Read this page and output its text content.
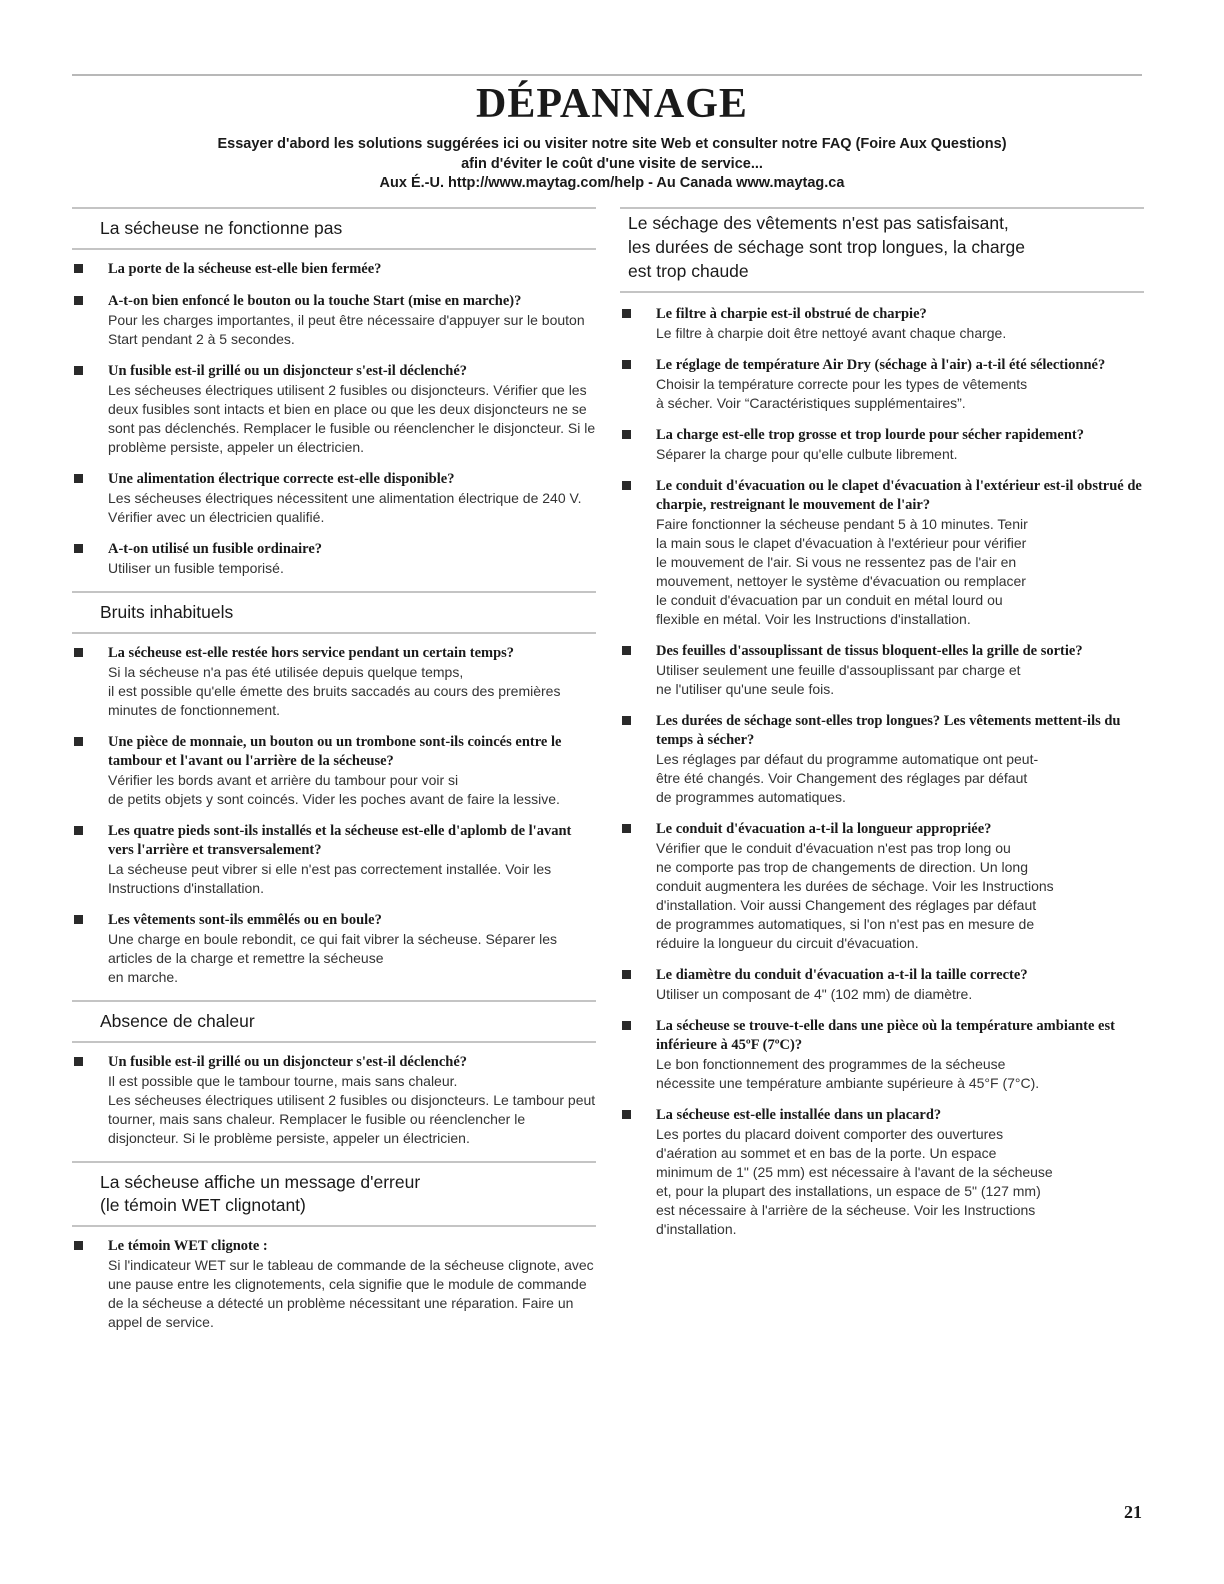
DÉPANNAGE
Essayer d'abord les solutions suggérées ici ou visiter notre site Web et consulter notre FAQ (Foire Aux Questions)
afin d'éviter le coût d'une visite de service...
Aux É.-U. http://www.maytag.com/help - Au Canada www.maytag.ca
La sécheuse ne fonctionne pas
La porte de la sécheuse est-elle bien fermée?
A-t-on bien enfoncé le bouton ou la touche Start (mise en marche)?
Pour les charges importantes, il peut être nécessaire d'appuyer sur le bouton Start pendant 2 à 5 secondes.
Un fusible est-il grillé ou un disjoncteur s'est-il déclenché?
Les sécheuses électriques utilisent 2 fusibles ou disjoncteurs. Vérifier que les deux fusibles sont intacts et bien en place ou que les deux disjoncteurs ne se sont pas déclenchés. Remplacer le fusible ou réenclencher le disjoncteur. Si le problème persiste, appeler un électricien.
Une alimentation électrique correcte est-elle disponible?
Les sécheuses électriques nécessitent une alimentation électrique de 240 V. Vérifier avec un électricien qualifié.
A-t-on utilisé un fusible ordinaire?
Utiliser un fusible temporisé.
Bruits inhabituels
La sécheuse est-elle restée hors service pendant un certain temps?
Si la sécheuse n'a pas été utilisée depuis quelque temps,
il est possible qu'elle émette des bruits saccadés au cours des premières minutes de fonctionnement.
Une pièce de monnaie, un bouton ou un trombone sont-ils coincés entre le tambour et l'avant ou l'arrière de la sécheuse?
Vérifier les bords avant et arrière du tambour pour voir si
de petits objets y sont coincés. Vider les poches avant de faire la lessive.
Les quatre pieds sont-ils installés et la sécheuse est-elle d'aplomb de l'avant vers l'arrière et transversalement?
La sécheuse peut vibrer si elle n'est pas correctement installée. Voir les Instructions d'installation.
Les vêtements sont-ils emmêlés ou en boule?
Une charge en boule rebondit, ce qui fait vibrer la sécheuse. Séparer les articles de la charge et remettre la sécheuse
en marche.
Absence de chaleur
Un fusible est-il grillé ou un disjoncteur s'est-il déclenché?
Il est possible que le tambour tourne, mais sans chaleur.
Les sécheuses électriques utilisent 2 fusibles ou disjoncteurs. Le tambour peut tourner, mais sans chaleur. Remplacer le fusible ou réenclencher le disjoncteur. Si le problème persiste, appeler un électricien.
La sécheuse affiche un message d'erreur
(le témoin WET clignotant)
Le témoin WET clignote :
Si l'indicateur WET sur le tableau de commande de la sécheuse clignote, avec une pause entre les clignotements, cela signifie que le module de commande de la sécheuse a détecté un problème nécessitant une réparation. Faire un appel de service.
Le séchage des vêtements n'est pas satisfaisant,
les durées de séchage sont trop longues, la charge
est trop chaude
Le filtre à charpie est-il obstrué de charpie?
Le filtre à charpie doit être nettoyé avant chaque charge.
Le réglage de température Air Dry (séchage à l'air) a-t-il été sélectionné?
Choisir la température correcte pour les types de vêtements
à sécher. Voir “Caractéristiques supplémentaires”.
La charge est-elle trop grosse et trop lourde pour sécher rapidement?
Séparer la charge pour qu'elle culbute librement.
Le conduit d'évacuation ou le clapet d'évacuation à l'extérieur est-il obstrué de charpie, restreignant le mouvement de l'air?
Faire fonctionner la sécheuse pendant 5 à 10 minutes. Tenir
la main sous le clapet d'évacuation à l'extérieur pour vérifier
le mouvement de l'air. Si vous ne ressentez pas de l'air en
mouvement, nettoyer le système d'évacuation ou remplacer
le conduit d'évacuation par un conduit en métal lourd ou
flexible en métal. Voir les Instructions d'installation.
Des feuilles d'assouplissant de tissus bloquent-elles la grille de sortie?
Utiliser seulement une feuille d'assouplissant par charge et
ne l'utiliser qu'une seule fois.
Les durées de séchage sont-elles trop longues? Les vêtements mettent-ils du temps à sécher?
Les réglages par défaut du programme automatique ont peut-
être été changés. Voir Changement des réglages par défaut
de programmes automatiques.
Le conduit d'évacuation a-t-il la longueur appropriée?
Vérifier que le conduit d'évacuation n'est pas trop long ou
ne comporte pas trop de changements de direction. Un long
conduit augmentera les durées de séchage. Voir les Instructions
d'installation. Voir aussi Changement des réglages par défaut
de programmes automatiques, si l'on n'est pas en mesure de
réduire la longueur du circuit d'évacuation.
Le diamètre du conduit d'évacuation a-t-il la taille correcte?
Utiliser un composant de 4" (102 mm) de diamètre.
La sécheuse se trouve-t-elle dans une pièce où la température ambiante est inférieure à 45ºF (7ºC)?
Le bon fonctionnement des programmes de la sécheuse
nécessite une température ambiante supérieure à 45°F (7°C).
La sécheuse est-elle installée dans un placard?
Les portes du placard doivent comporter des ouvertures
d'aération au sommet et en bas de la porte. Un espace
minimum de 1" (25 mm) est nécessaire à l'avant de la sécheuse
et, pour la plupart des installations, un espace de 5" (127 mm)
est nécessaire à l'arrière de la sécheuse. Voir les Instructions
d'installation.
21
